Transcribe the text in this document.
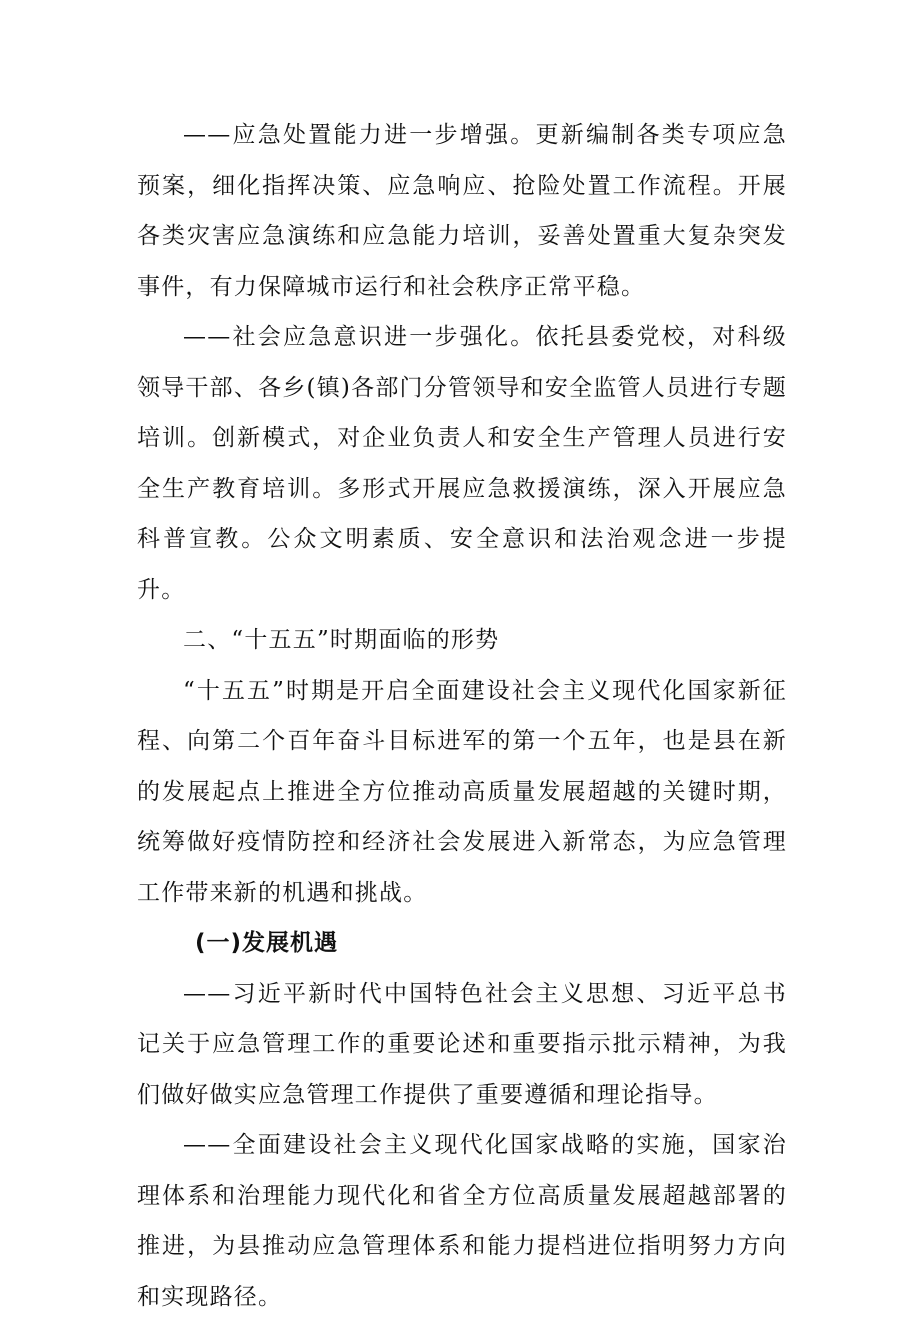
——应急处置能力进一步增强。更新编制各类专项应急预案，细化指挥决策、应急响应、抢险处置工作流程。开展各类灾害应急演练和应急能力培训，妥善处置重大复杂突发事件，有力保障城市运行和社会秩序正常平稳。

——社会应急意识进一步强化。依托县委党校，对科级领导干部、各乡(镇)各部门分管领导和安全监管人员进行专题培训。创新模式，对企业负责人和安全生产管理人员进行安全生产教育培训。多形式开展应急救援演练，深入开展应急科普宣教。公众文明素质、安全意识和法治观念进一步提升。

二、“十五五”时期面临的形势

“十五五”时期是开启全面建设社会主义现代化国家新征程、向第二个百年奋斗目标进军的第一个五年，也是县在新的发展起点上推进全方位推动高质量发展超越的关键时期，统筹做好疫情防控和经济社会发展进入新常态，为应急管理工作带来新的机遇和挑战。

(一)发展机遇

——习近平新时代中国特色社会主义思想、习近平总书记关于应急管理工作的重要论述和重要指示批示精神，为我们做好做实应急管理工作提供了重要遵循和理论指导。

——全面建设社会主义现代化国家战略的实施，国家治理体系和治理能力现代化和省全方位高质量发展超越部署的推进，为县推动应急管理体系和能力提档进位指明努力方向和实现路径。
